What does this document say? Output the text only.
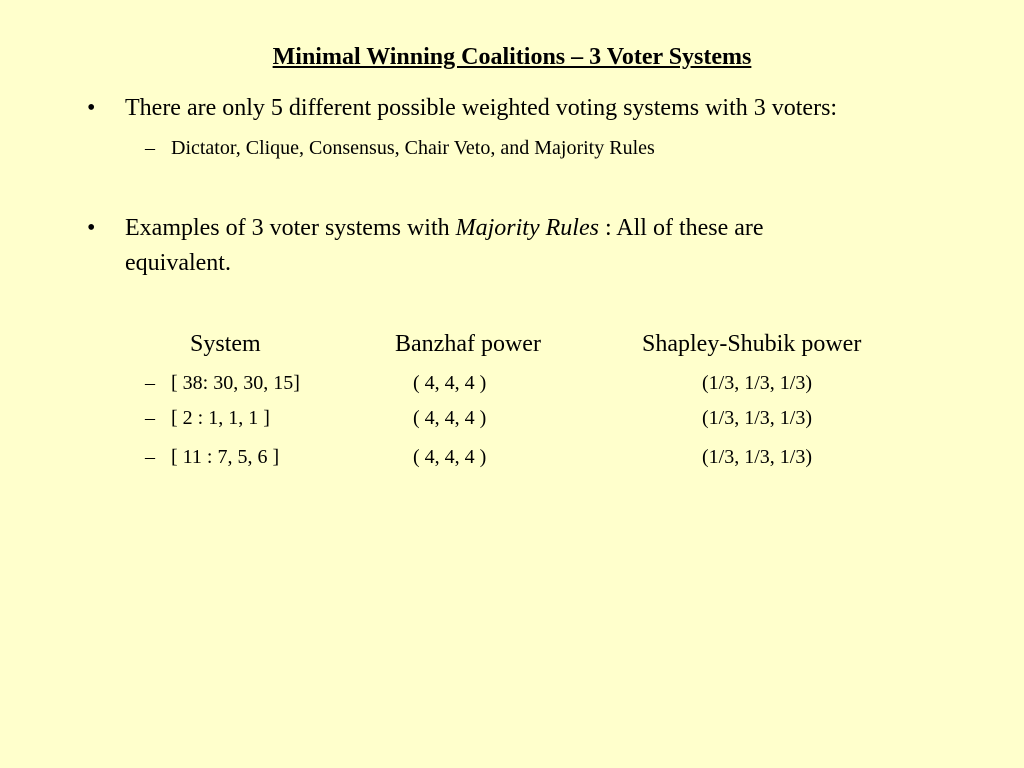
Minimal Winning Coalitions – 3 Voter Systems
• There are only 5 different possible weighted voting systems with 3 voters:
– Dictator, Clique, Consensus, Chair Veto, and Majority Rules
• Examples of 3 voter systems with Majority Rules : All of these are
equivalent.
System	Banzhaf power	Shapley-Shubik power
– [ 38: 30, 30, 15]	( 4, 4, 4 )	(1/3, 1/3, 1/3)
– [ 2 : 1, 1, 1 ]	( 4, 4, 4 )	(1/3, 1/3, 1/3)
– [ 11 : 7, 5, 6 ]	( 4, 4, 4 )	(1/3, 1/3, 1/3)
